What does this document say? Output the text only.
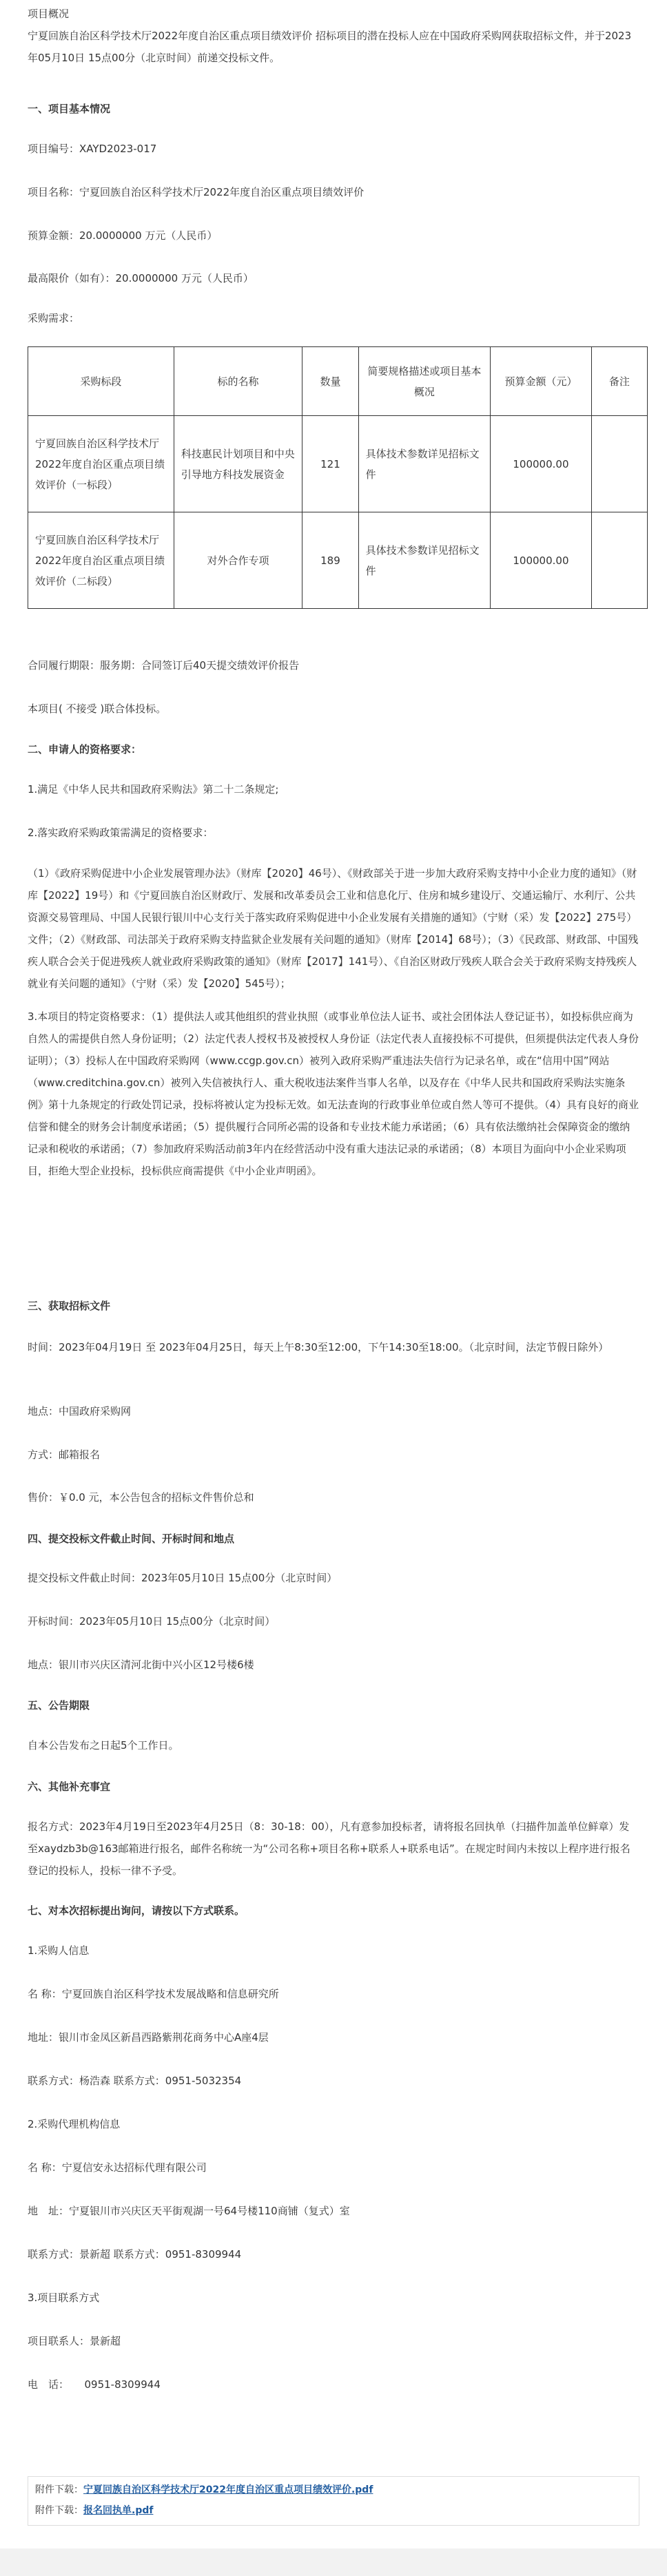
项目概况
宁夏回族自治区科学技术厅2022年度自治区重点项目绩效评价 招标项目的潜在投标人应在中国政府采购网获取招标文件，并于2023年05月10日 15点00分（北京时间）前递交投标文件。
一、项目基本情况
项目编号：XAYD2023-017
项目名称：宁夏回族自治区科学技术厅2022年度自治区重点项目绩效评价
预算金额：20.0000000 万元（人民币）
最高限价（如有）：20.0000000 万元（人民币）
采购需求：
采购标段	标的名称	数量	简要规格描述或项目基本概况	预算金额（元）	备注
宁夏回族自治区科学技术厅2022年度自治区重点项目绩效评价（一标段）	科技惠民计划项目和中央引导地方科技发展资金	121	具体技术参数详见招标文件	100000.00	
宁夏回族自治区科学技术厅2022年度自治区重点项目绩效评价（二标段）	对外合作专项	189	具体技术参数详见招标文件	100000.00	
合同履行期限：服务期：合同签订后40天提交绩效评价报告
本项目( 不接受 )联合体投标。
二、申请人的资格要求：
1.满足《中华人民共和国政府采购法》第二十二条规定;
2.落实政府采购政策需满足的资格要求：
（1）《政府采购促进中小企业发展管理办法》（财库【2020】46号）、《财政部关于进一步加大政府采购支持中小企业力度的通知》（财库【2022】19号）和《宁夏回族自治区财政厅、发展和改革委员会工业和信息化厅、住房和城乡建设厅、交通运输厅、水利厅、公共资源交易管理局、中国人民银行银川中心支行关于落实政府采购促进中小企业发展有关措施的通知》（宁财（采）发【2022】275号）文件；（2）《财政部、司法部关于政府采购支持监狱企业发展有关问题的通知》（财库【2014】68号）；（3）《民政部、财政部、中国残疾人联合会关于促进残疾人就业政府采购政策的通知》（财库【2017】141号）、《自治区财政厅残疾人联合会关于政府采购支持残疾人就业有关问题的通知》（宁财（采）发【2020】545号）；
3.本项目的特定资格要求：（1）提供法人或其他组织的营业执照（或事业单位法人证书、或社会团体法人登记证书），如投标供应商为自然人的需提供自然人身份证明；（2）法定代表人授权书及被授权人身份证（法定代表人直接投标不可提供，但须提供法定代表人身份证明）；（3）投标人在中国政府采购网（www.ccgp.gov.cn）被列入政府采购严重违法失信行为记录名单，或在“信用中国”网站（www.creditchina.gov.cn）被列入失信被执行人、重大税收违法案件当事人名单，以及存在《中华人民共和国政府采购法实施条例》第十九条规定的行政处罚记录，投标将被认定为投标无效。如无法查询的行政事业单位或自然人等可不提供。（4）具有良好的商业信誉和健全的财务会计制度承诺函；（5）提供履行合同所必需的设备和专业技术能力承诺函；（6）具有依法缴纳社会保障资金的缴纳记录和税收的承诺函；（7）参加政府采购活动前3年内在经营活动中没有重大违法记录的承诺函；（8）本项目为面向中小企业采购项目，拒绝大型企业投标，投标供应商需提供《中小企业声明函》。
三、获取招标文件
时间：2023年04月19日 至 2023年04月25日，每天上午8:30至12:00，下午14:30至18:00。（北京时间，法定节假日除外）
地点：中国政府采购网
方式：邮箱报名
售价：￥0.0 元，本公告包含的招标文件售价总和
四、提交投标文件截止时间、开标时间和地点
提交投标文件截止时间：2023年05月10日 15点00分（北京时间）
开标时间：2023年05月10日 15点00分（北京时间）
地点：银川市兴庆区清河北街中兴小区12号楼6楼
五、公告期限
自本公告发布之日起5个工作日。
六、其他补充事宜
报名方式：2023年4月19日至2023年4月25日（8：30-18：00），凡有意参加投标者，请将报名回执单（扫描件加盖单位鲜章）发至xaydzb3b@163邮箱进行报名，邮件名称统一为“公司名称+项目名称+联系人+联系电话”。在规定时间内未按以上程序进行报名登记的投标人，投标一律不予受。
七、对本次招标提出询问，请按以下方式联系。
1.采购人信息
名 称：宁夏回族自治区科学技术发展战略和信息研究所
地址：银川市金凤区新昌西路紫荆花商务中心A座4层
联系方式：杨浩森 联系方式：0951-5032354
2.采购代理机构信息
名 称：宁夏信安永达招标代理有限公司
地　址：宁夏银川市兴庆区天平街观湖一号64号楼110商铺（复式）室
联系方式：景新超 联系方式：0951-8309944
3.项目联系方式
项目联系人：景新超
电　话：　　0951-8309944
附件下载：宁夏回族自治区科学技术厅2022年度自治区重点项目绩效评价.pdf
附件下载：报名回执单.pdf
